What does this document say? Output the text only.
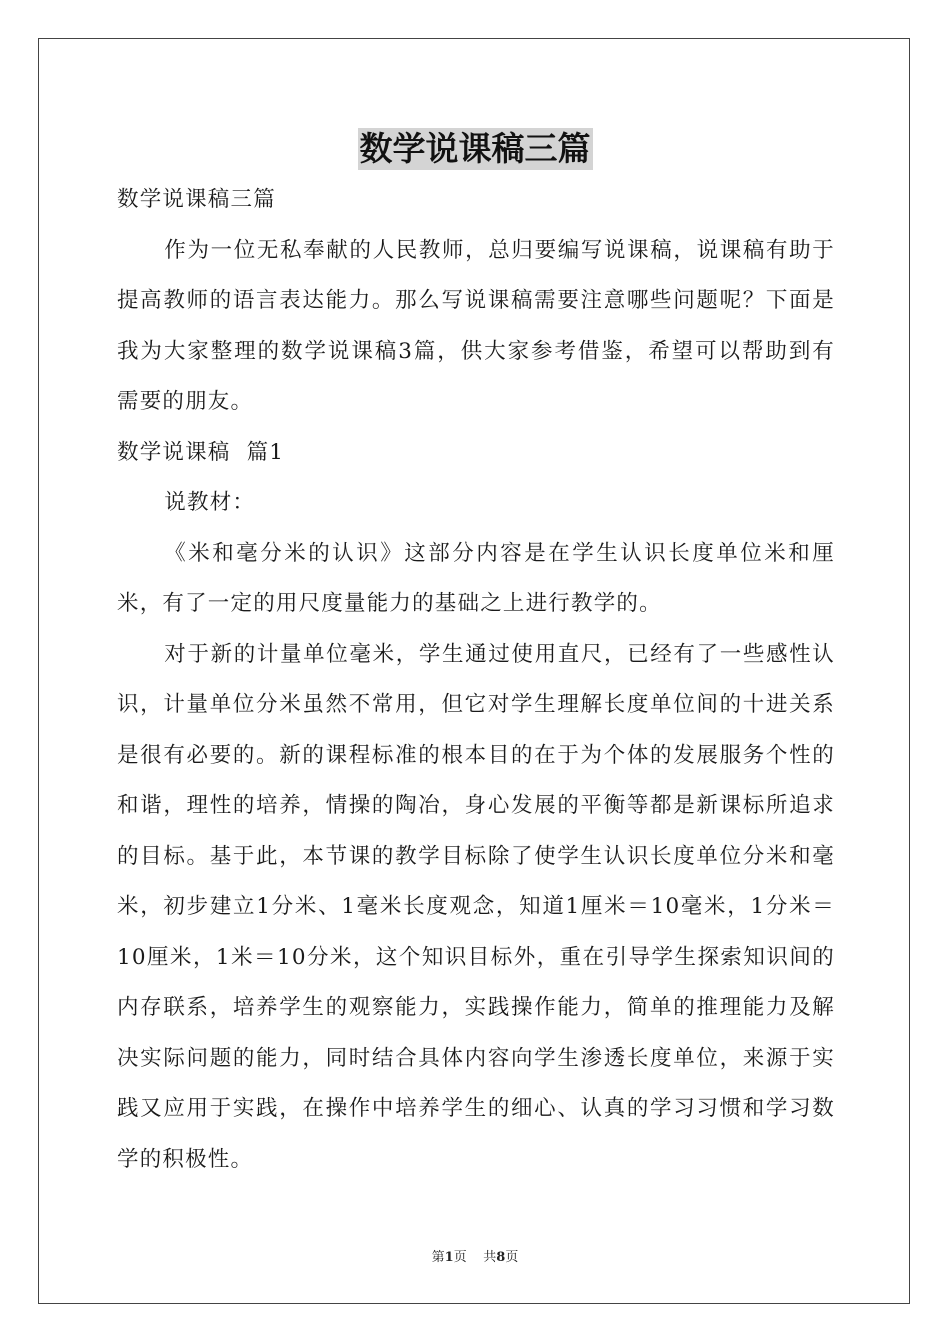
数学说课稿三篇
数学说课稿三篇

作为一位无私奉献的人民教师，总归要编写说课稿，说课稿有助于提高教师的语言表达能力。那么写说课稿需要注意哪些问题呢？下面是我为大家整理的数学说课稿3篇，供大家参考借鉴，希望可以帮助到有需要的朋友。

数学说课稿  篇1

说教材：

《米和毫分米的认识》这部分内容是在学生认识长度单位米和厘米，有了一定的用尺度量能力的基础之上进行教学的。

对于新的计量单位毫米，学生通过使用直尺，已经有了一些感性认识，计量单位分米虽然不常用，但它对学生理解长度单位间的十进关系是很有必要的。新的课程标准的根本目的在于为个体的发展服务个性的和谐，理性的培养，情操的陶冶，身心发展的平衡等都是新课标所追求的目标。基于此，本节课的教学目标除了使学生认识长度单位分米和毫米，初步建立1分米、1毫米长度观念，知道1厘米＝10毫米，1分米＝10厘米，1米＝10分米，这个知识目标外，重在引导学生探索知识间的内存联系，培养学生的观察能力，实践操作能力，简单的推理能力及解决实际问题的能力，同时结合具体内容向学生渗透长度单位，来源于实践又应用于实践，在操作中培养学生的细心、认真的学习习惯和学习数学的积极性。

第1页 共8页
